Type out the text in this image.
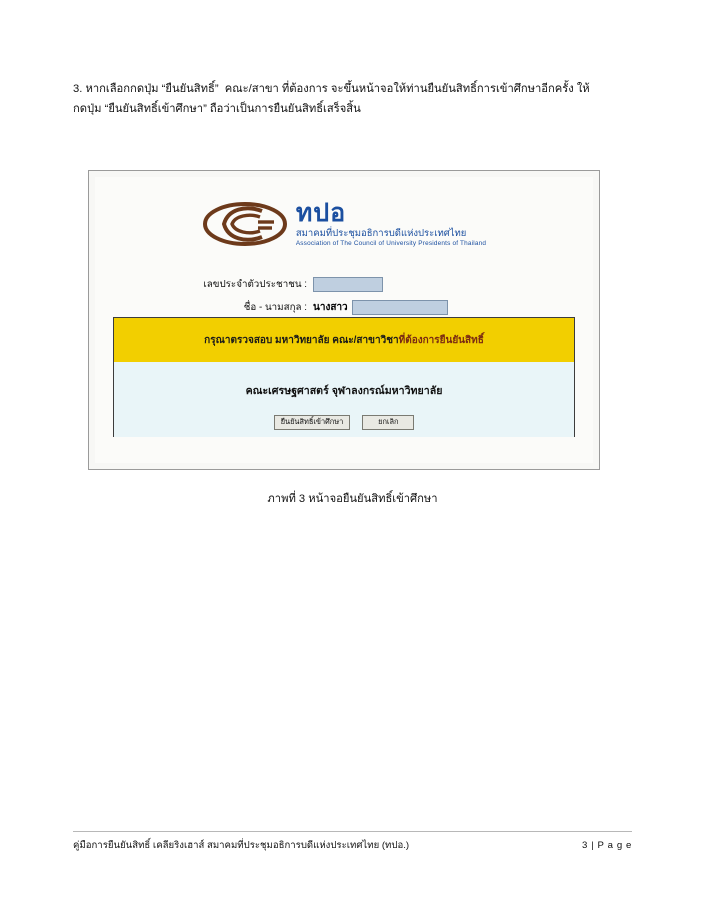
3. หากเลือกกดปุ่ม “ยืนยันสิทธิ์”  คณะ/สาขา ที่ต้องการ จะขึ้นหน้าจอให้ท่านยืนยันสิทธิ์การเข้าศึกษาอีกครั้ง ให้
กดปุ่ม “ยืนยันสิทธิ์เข้าศึกษา” ถือว่าเป็นการยืนยันสิทธิ์เสร็จสิ้น
ทปอ
สมาคมที่ประชุมอธิการบดีแห่งประเทศไทย
Association of The Council of University Presidents of Thailand
เลขประจำตัวประชาชน :
ชื่อ - นามสกุล : นางสาว
กรุณาตรวจสอบ มหาวิทยาลัย คณะ/สาขาวิชา ที่ต้องการยืนยันสิทธิ์
คณะเศรษฐศาสตร์ จุฬาลงกรณ์มหาวิทยาลัย
ยืนยันสิทธิ์เข้าศึกษา	ยกเลิก
ภาพที่ 3 หน้าจอยืนยันสิทธิ์เข้าศึกษา
คู่มือการยืนยันสิทธิ์ เคลียริงเฮาส์ สมาคมที่ประชุมอธิการบดีแห่งประเทศไทย (ทปอ.)	3 | P a g e
